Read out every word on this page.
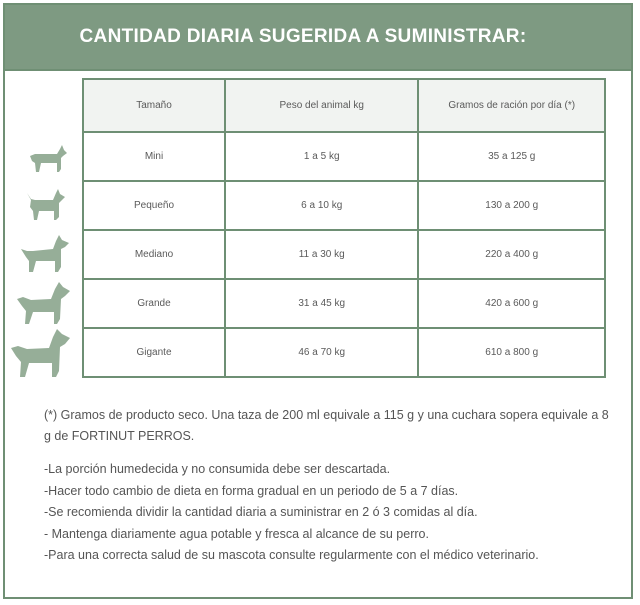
CANTIDAD DIARIA SUGERIDA A SUMINISTRAR:
Tamaño	Peso del animal kg	Gramos de ración por día (*)
Mini	1 a 5 kg	35 a 125 g
Pequeño	6 a 10 kg	130 a 200 g
Mediano	11 a 30 kg	220 a 400 g
Grande	31 a 45 kg	420 a 600 g
Gigante	46 a 70 kg	610 a 800 g

(*) Gramos de producto seco. Una taza de 200 ml equivale a 115 g y una cuchara sopera equivale a 8 g de FORTINUT PERROS.

-La porción humedecida y no consumida debe ser descartada.
-Hacer todo cambio de dieta en forma gradual en un periodo de 5 a 7 días.
-Se recomienda dividir la cantidad diaria a suministrar en 2 ó 3 comidas al día.
- Mantenga diariamente agua potable y fresca al alcance de su perro.
-Para una correcta salud de su mascota consulte regularmente con el médico veterinario.
